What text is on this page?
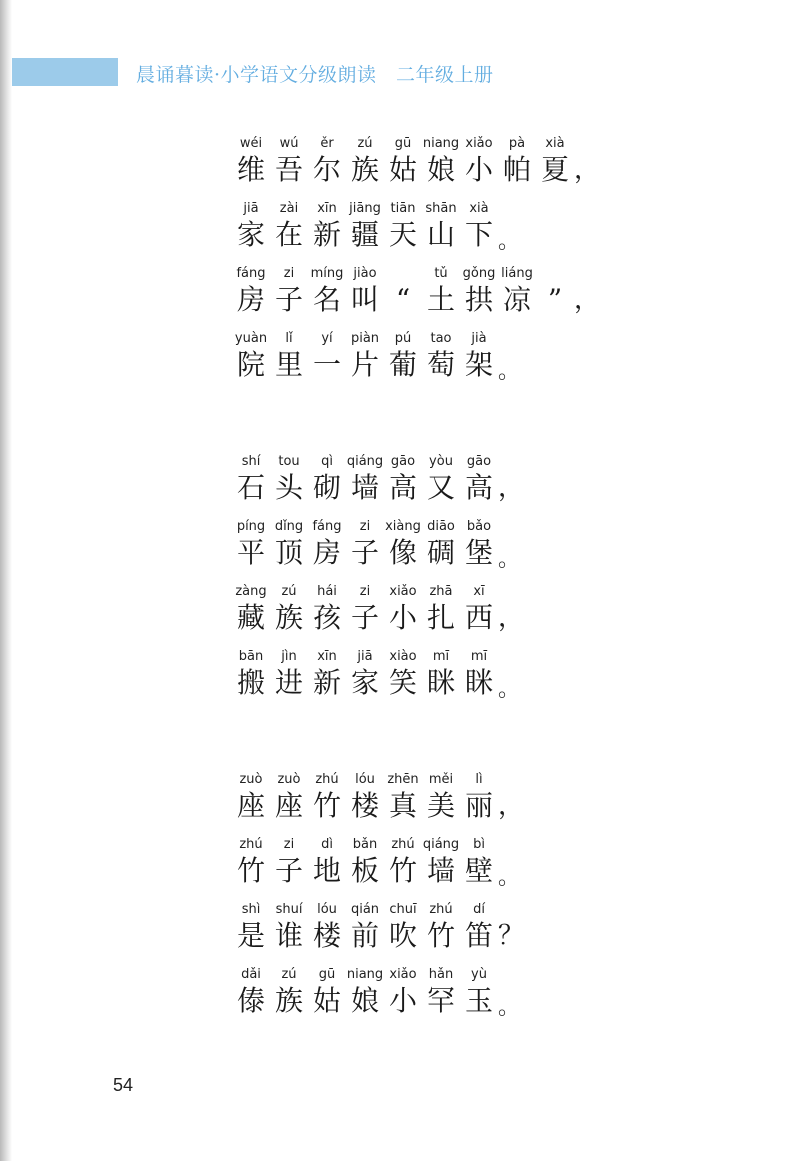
晨诵暮读·小学语文分级朗读　二年级上册
wéi	wú	ěr	zú	gū niang xiǎo	pà	xià
维 吾 尔 族 姑 娘 小 帕 夏 ，
jiā	zài	xīn jiāng tiān shān xià
家 在 新 疆 天 山 下 。
fáng	zi	míng jiào	tǔ	gǒng liáng
房 子 名 叫 “ 土 拱 凉 ” ，
yuàn	lǐ	yí	piàn	pú	tao	jià
院 里 一 片 葡 萄 架 。
shí	tou	qì	qiáng gāo	yòu	gāo
石 头 砌 墙 高 又 高 ，
píng dǐng fáng	zi	xiàng diāo bǎo
平 顶 房 子 像 碉 堡 。
zàng	zú	hái	zi	xiǎo zhā	xī
藏 族 孩 子 小 扎 西 ，
bān	jìn	xīn	jiā	xiào	mī	mī
搬 进 新 家 笑 眯 眯 。
zuò	zuò	zhú	lóu zhēn měi	lì
座 座 竹 楼 真 美 丽 ，
zhú	zi	dì	bǎn	zhú qiáng	bì
竹 子 地 板 竹 墙 壁 。
shì	shuí	lóu	qián chuī zhú	dí
是 谁 楼 前 吹 竹 笛 ？
dǎi	zú	gū niang xiǎo hǎn	yù
傣 族 姑 娘 小 罕 玉 。
54
